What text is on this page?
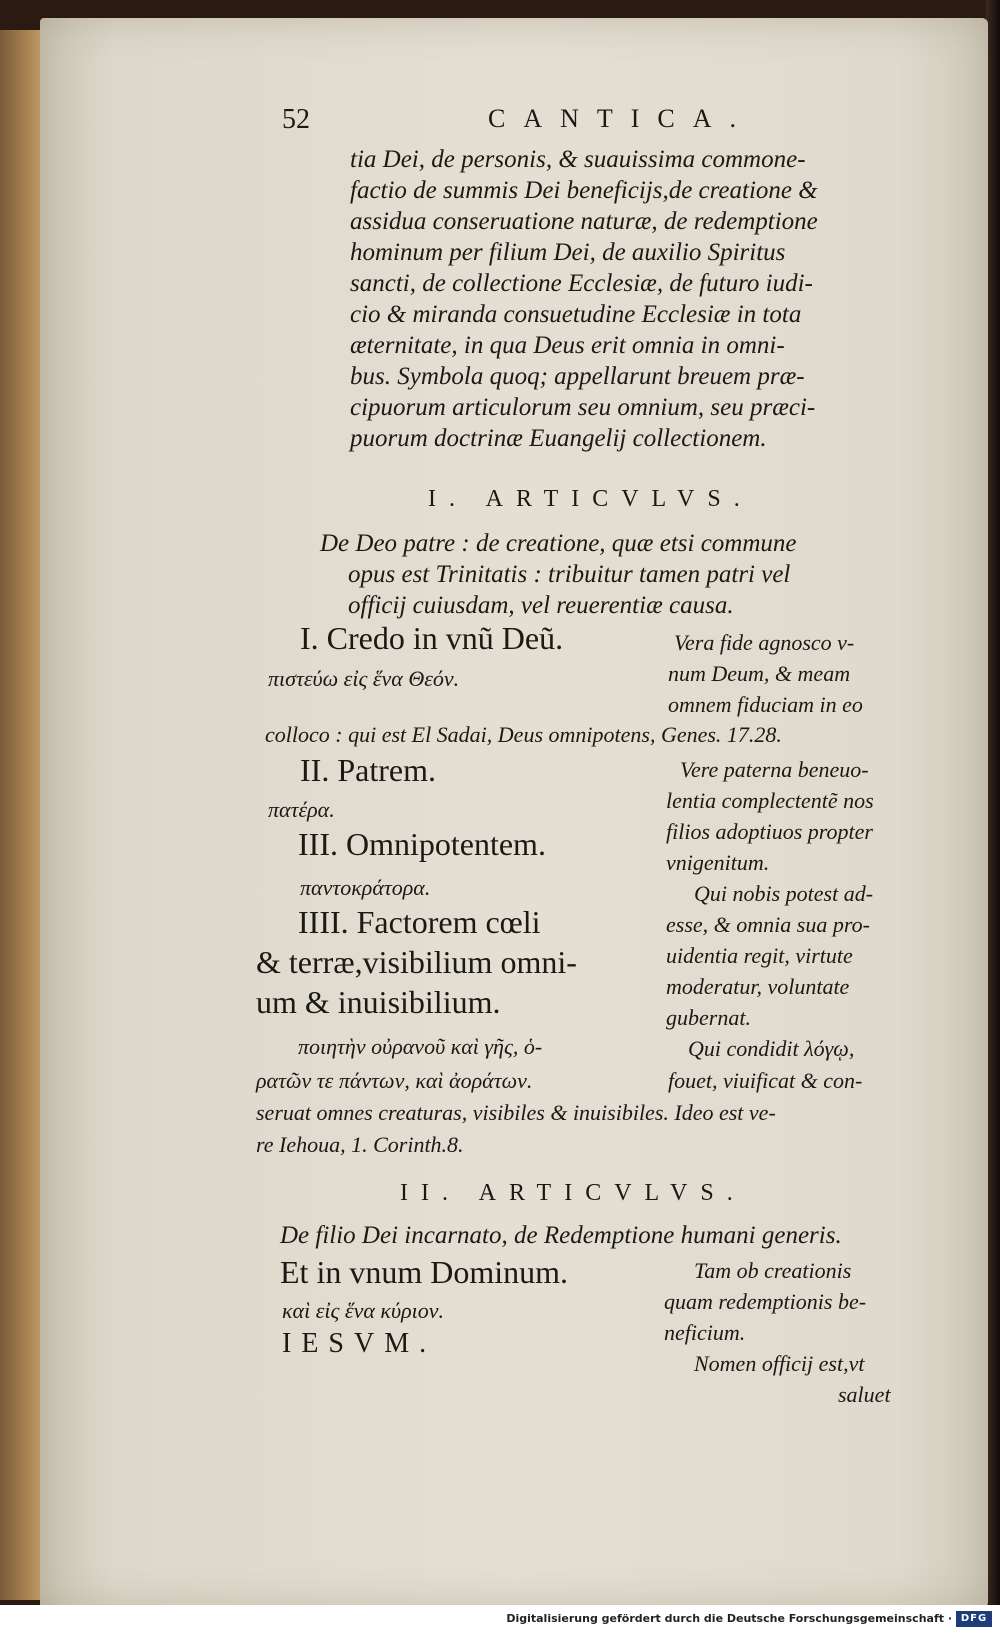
52	CANTICA.
tia Dei, de personis, & suauissima commone-
factio de summis Dei beneficijs,de creatione &
assidua conseruatione naturæ, de redemptione
hominum per filium Dei, de auxilio Spiritus
sancti, de collectione Ecclesiæ, de futuro iudi-
cio & miranda consuetudine Ecclesiæ in tota
æternitate, in qua Deus erit omnia in omni-
bus. Symbola quoq; appellarunt breuem præ-
cipuorum articulorum seu omnium, seu præci-
puorum doctrinæ Euangelij collectionem.
I. ARTICVLVS.
De Deo patre : de creatione, quæ etsi commune
opus est Trinitatis : tribuitur tamen patri vel
officij cuiusdam, vel reuerentiæ causa.
I. Credo in vnũ Deũ.
πιστεύω εἰς ἕνα Θεόν.
Vera fide agnosco v-
num Deum, & meam
omnem fiduciam in eo
colloco : qui est El Sadai, Deus omnipotens, Genes. 17.28.
II. Patrem.
πατέρα.
Vere paterna beneuo-
lentia complectentẽ nos
filios adoptiuos propter
vnigenitum.
III. Omnipotentem.
παντοκράτορα.	Qui nobis potest ad-
esse, & omnia sua pro-
uidentia regit, virtute
moderatur, voluntate
gubernat.
IIII. Factorem cœli
& terræ,visibilium omni-
um & inuisibilium.
ποιητὴν οὐρανοῦ καὶ γῆς, ὁ-
ρατῶν τε πάντων, καὶ ἀοράτων.
Qui condidit λόγῳ,
fouet, viuificat & con-
seruat omnes creaturas, visibiles & inuisibiles. Ideo est ve-
re Iehoua, 1. Corinth.8.
II. ARTICVLVS.
De filio Dei incarnato, de Redemptione humani generis.
Et in vnum Dominum.
καὶ εἰς ἕνα κύριον.
IESVM.
Tam ob creationis
quam redemptionis be-
neficium.
Nomen officij est,vt
saluet
Digitalisierung gefördert durch die Deutsche Forschungsgemeinschaft · DFG
